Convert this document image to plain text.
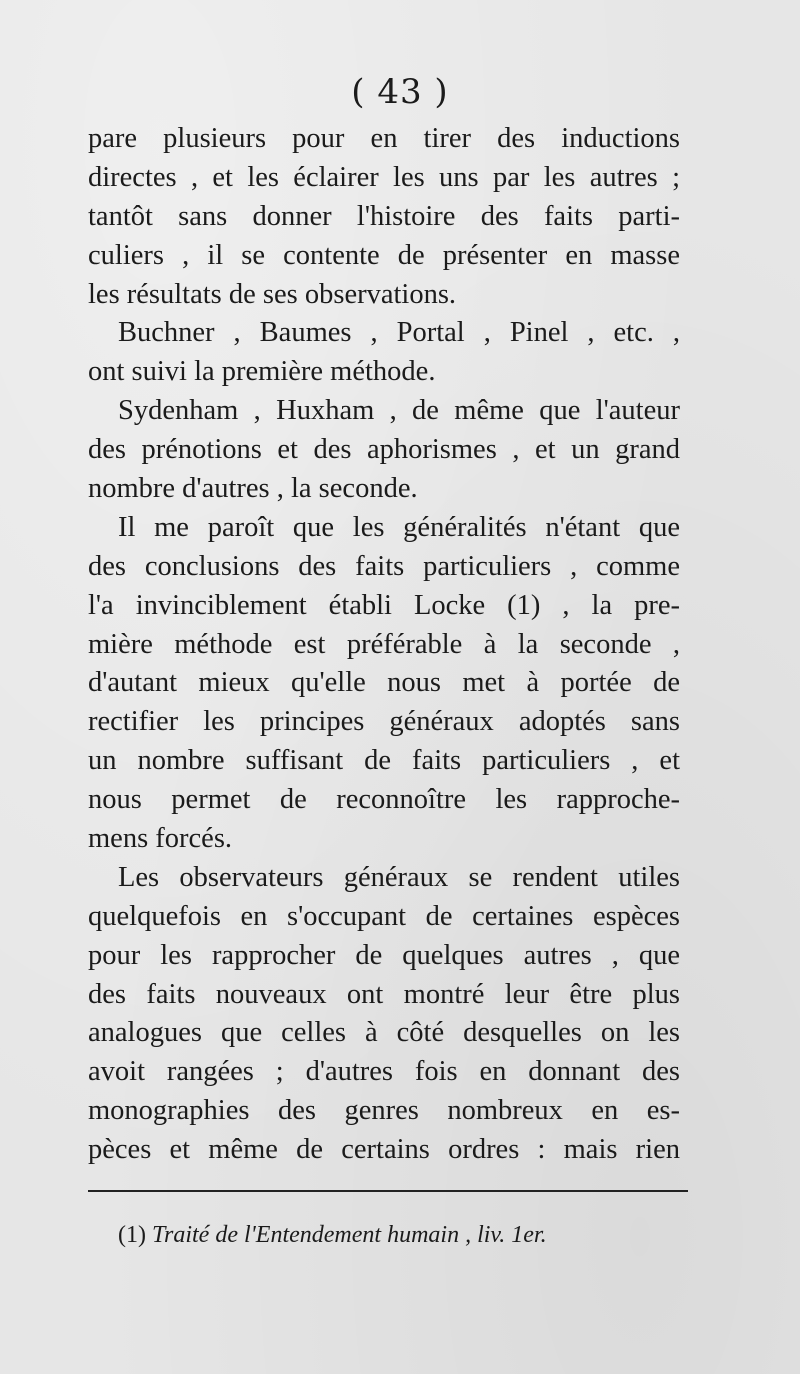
( 43 )
pare plusieurs pour en tirer des inductions
directes , et les éclairer les uns par les autres ;
tantôt sans donner l'histoire des faits parti-
culiers , il se contente de présenter en masse
les résultats de ses observations.
Buchner , Baumes , Portal , Pinel , etc. ,
ont suivi la première méthode.
Sydenham , Huxham , de même que l'auteur
des prénotions et des aphorismes , et un grand
nombre d'autres , la seconde.
Il me paroît que les généralités n'étant que
des conclusions des faits particuliers , comme
l'a invinciblement établi Locke (1) , la pre-
mière méthode est préférable à la seconde ,
d'autant mieux qu'elle nous met à portée de
rectifier les principes généraux adoptés sans
un nombre suffisant de faits particuliers , et
nous permet de reconnoître les rapproche-
mens forcés.
Les observateurs généraux se rendent utiles
quelquefois en s'occupant de certaines espèces
pour les rapprocher de quelques autres , que
des faits nouveaux ont montré leur être plus
analogues que celles à côté desquelles on les
avoit rangées ; d'autres fois en donnant des
monographies des genres nombreux en es-
pèces et même de certains ordres : mais rien
(1) Traité de l'Entendement humain , liv. 1er.
